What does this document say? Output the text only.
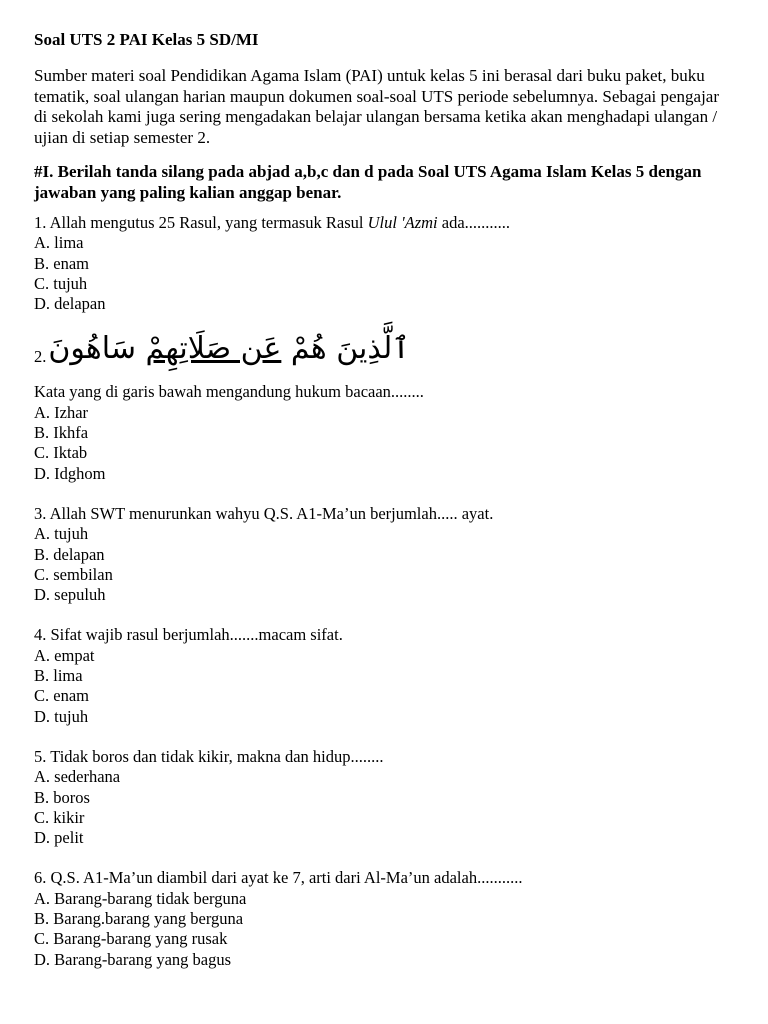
Soal UTS 2 PAI Kelas 5 SD/MI
Sumber materi soal Pendidikan Agama Islam (PAI) untuk kelas 5 ini berasal dari buku paket, buku tematik, soal ulangan harian maupun dokumen soal-soal UTS periode sebelumnya. Sebagai pengajar di sekolah kami juga sering mengadakan belajar ulangan bersama ketika akan menghadapi ulangan / ujian di setiap semester 2.
#I. Berilah tanda silang pada abjad a,b,c dan d pada Soal UTS Agama Islam Kelas 5 dengan jawaban yang paling kalian anggap benar.
1. Allah mengutus 25 Rasul, yang termasuk Rasul Ulul 'Azmi ada...........
A. lima
B. enam
C. tujuh
D. delapan
2.	ٱلَّذِينَ هُمْ عَن صَلَاتِهِمْ سَاهُونَ
Kata yang di garis bawah mengandung hukum bacaan........
A. Izhar
B. Ikhfa
C. Iktab
D. Idghom
3. Allah SWT menurunkan wahyu Q.S. A1-Ma’un berjumlah..... ayat.
A. tujuh
B. delapan
C. sembilan
D. sepuluh
4. Sifat wajib rasul berjumlah.......macam sifat.
A. empat
B. lima
C. enam
D. tujuh
5. Tidak boros dan tidak kikir, makna dan hidup........
A. sederhana
B. boros
C. kikir
D. pelit
6. Q.S. A1-Ma’un diambil dari ayat ke 7, arti dari Al-Ma’un adalah...........
A. Barang-barang tidak berguna
B. Barang.barang yang berguna
C. Barang-barang yang rusak
D. Barang-barang yang bagus
